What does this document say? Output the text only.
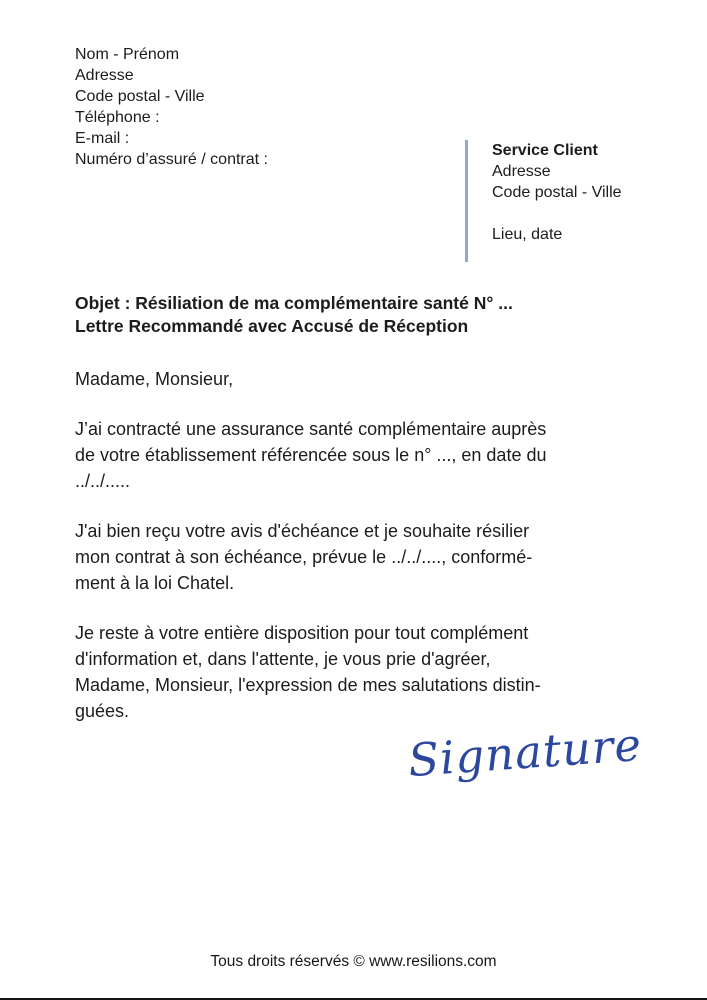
Nom - Prénom
Adresse
Code postal - Ville
Téléphone :
E-mail :
Numéro d’assuré / contrat :
Service Client
Adresse
Code postal - Ville
Lieu, date
Objet : Résiliation de ma complémentaire santé N° ...
Lettre Recommandé avec Accusé de Réception
Madame, Monsieur,
J’ai contracté une assurance santé complémentaire auprès
de votre établissement référencée sous le n° ..., en date du
../../.....
J'ai bien reçu votre avis d'échéance et je souhaite résilier
mon contrat à son échéance, prévue le ../../...., conformé-
ment à la loi Chatel.
Je reste à votre entière disposition pour tout complément
d'information et, dans l'attente, je vous prie d'agréer,
Madame, Monsieur, l'expression de mes salutations distin-
guées.
Signature
Tous droits réservés © www.resilions.com
